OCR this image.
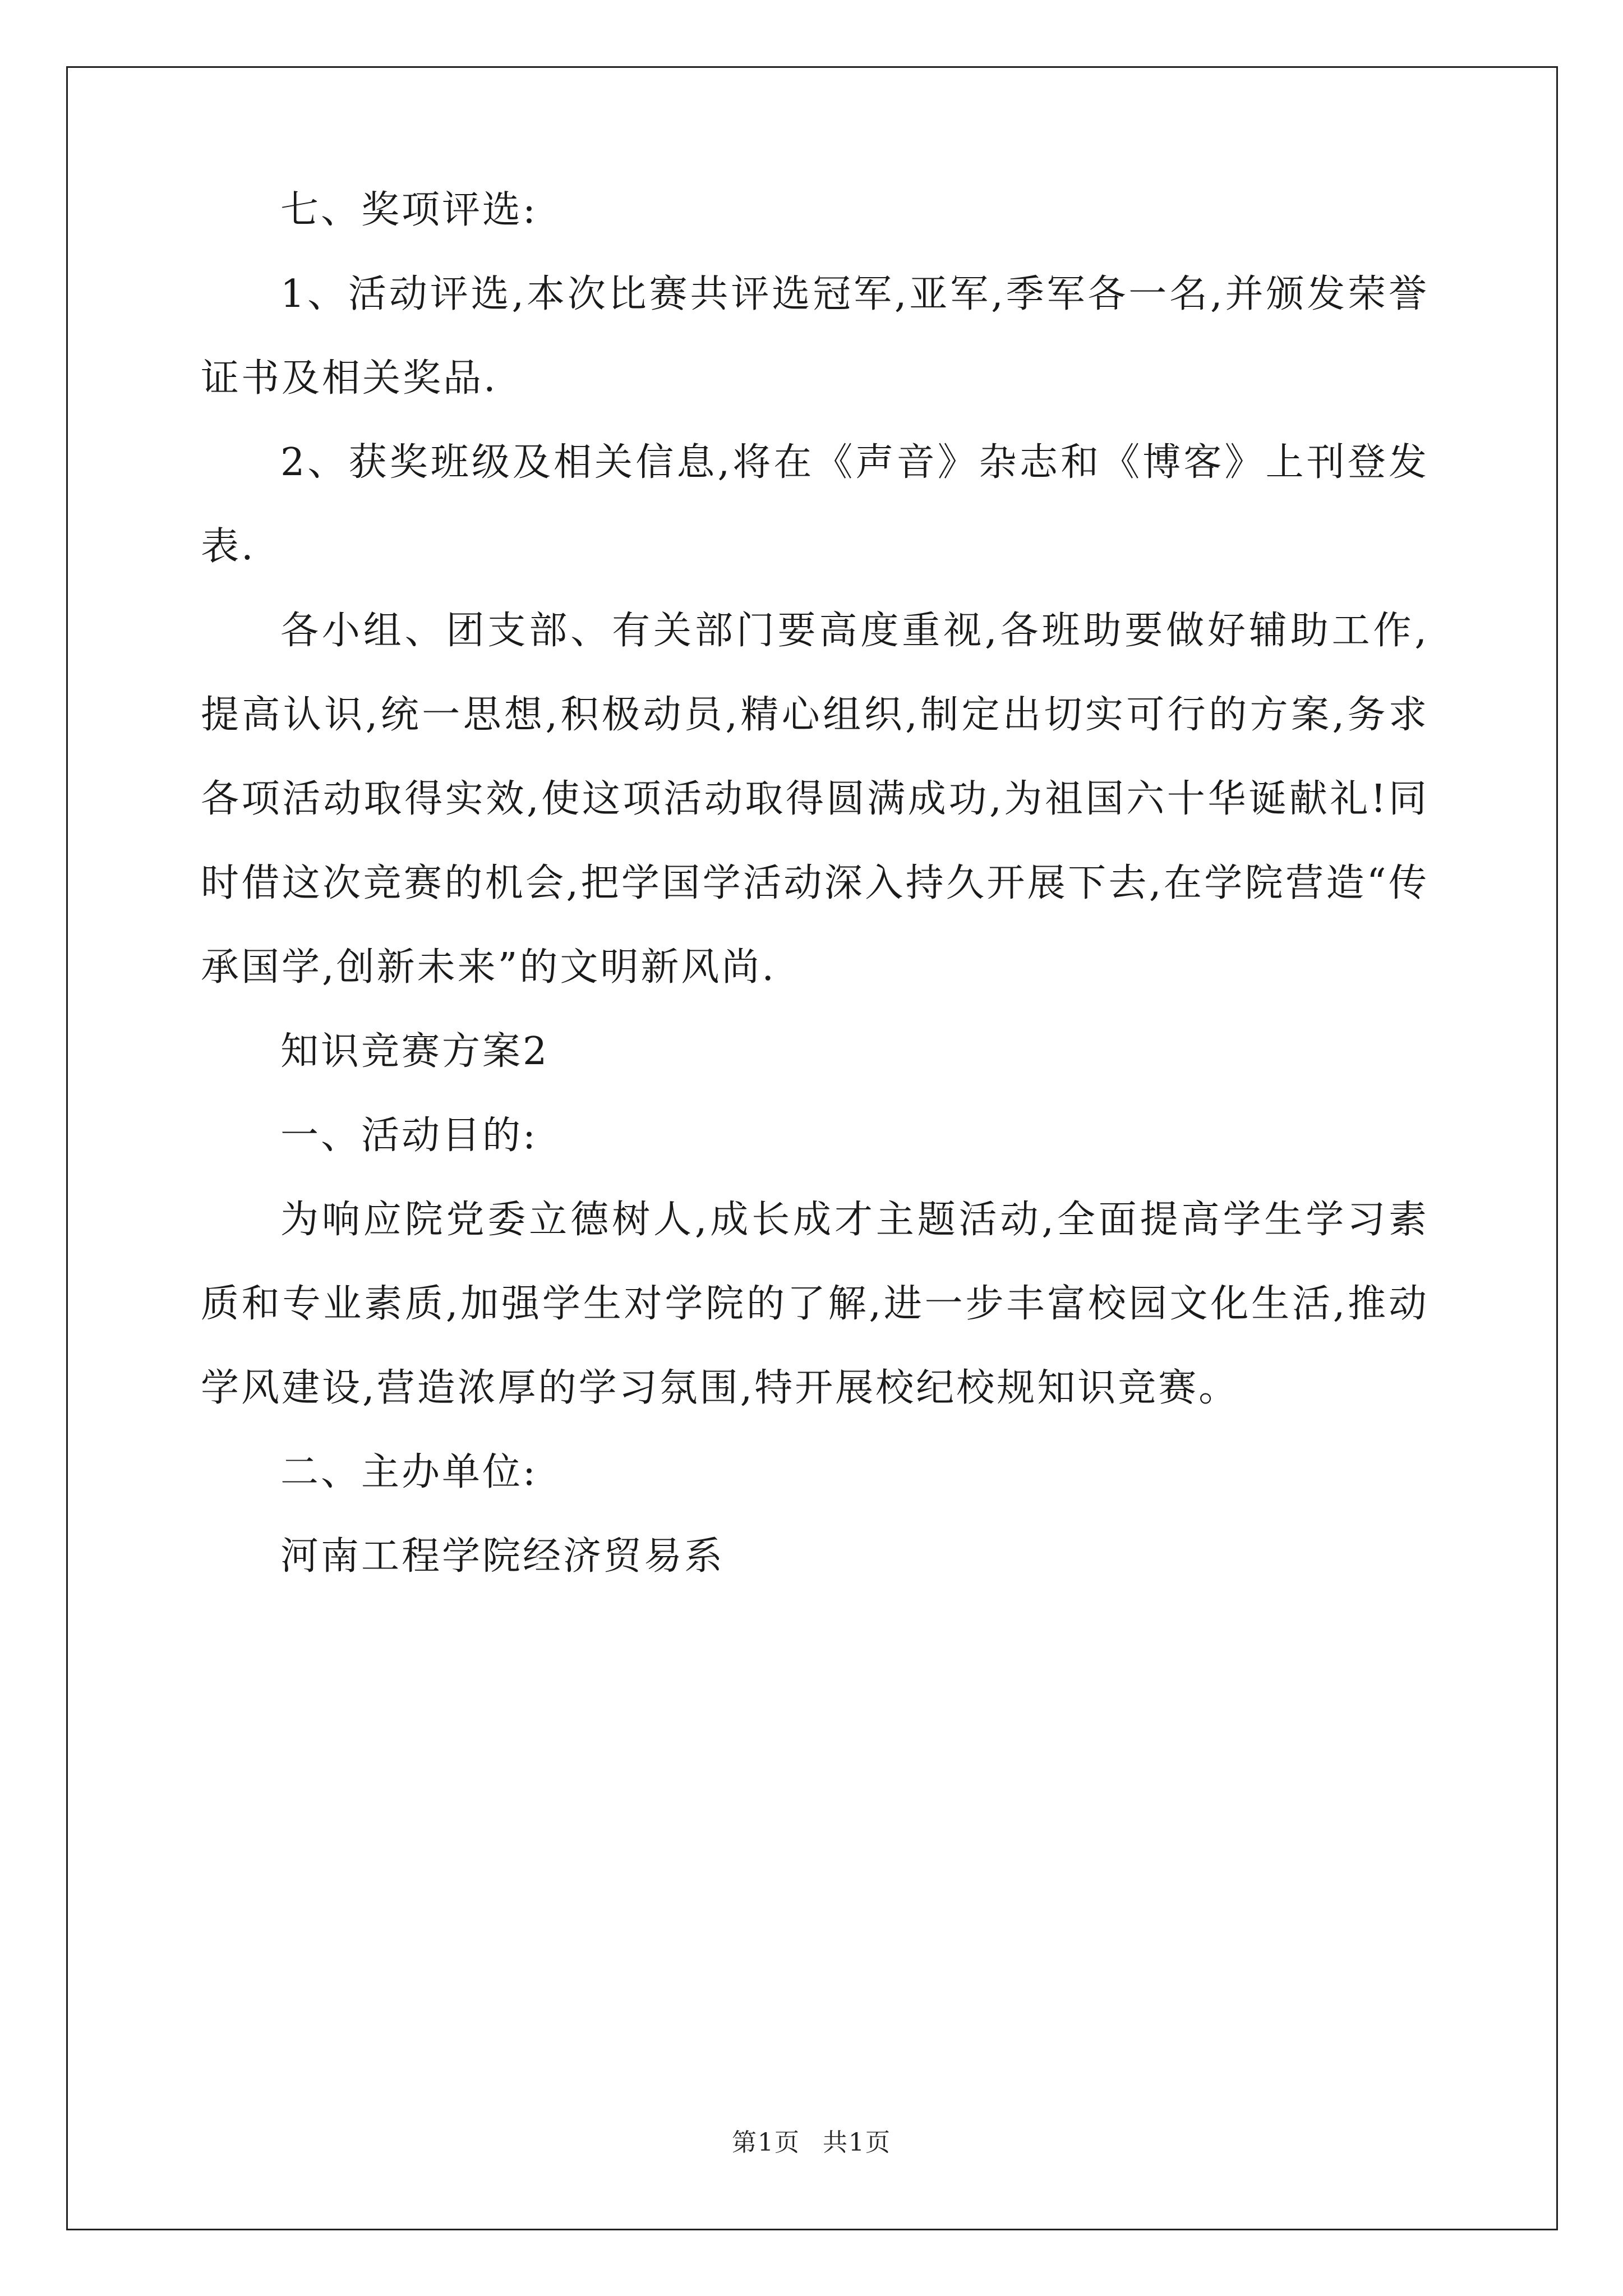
七、奖项评选:

1、活动评选,本次比赛共评选冠军,亚军,季军各一名,并颁发荣誉证书及相关奖品.

2、获奖班级及相关信息,将在《声音》杂志和《博客》上刊登发表.

各小组、团支部、有关部门要高度重视,各班助要做好辅助工作,提高认识,统一思想,积极动员,精心组织,制定出切实可行的方案,务求各项活动取得实效,使这项活动取得圆满成功,为祖国六十华诞献礼!同时借这次竞赛的机会,把学国学活动深入持久开展下去,在学院营造“传承国学,创新未来”的文明新风尚.

知识竞赛方案2

一、活动目的:

为响应院党委立德树人,成长成才主题活动,全面提高学生学习素质和专业素质,加强学生对学院的了解,进一步丰富校园文化生活,推动学风建设,营造浓厚的学习氛围,特开展校纪校规知识竞赛。

二、主办单位:

河南工程学院经济贸易系

第1页 共1页
